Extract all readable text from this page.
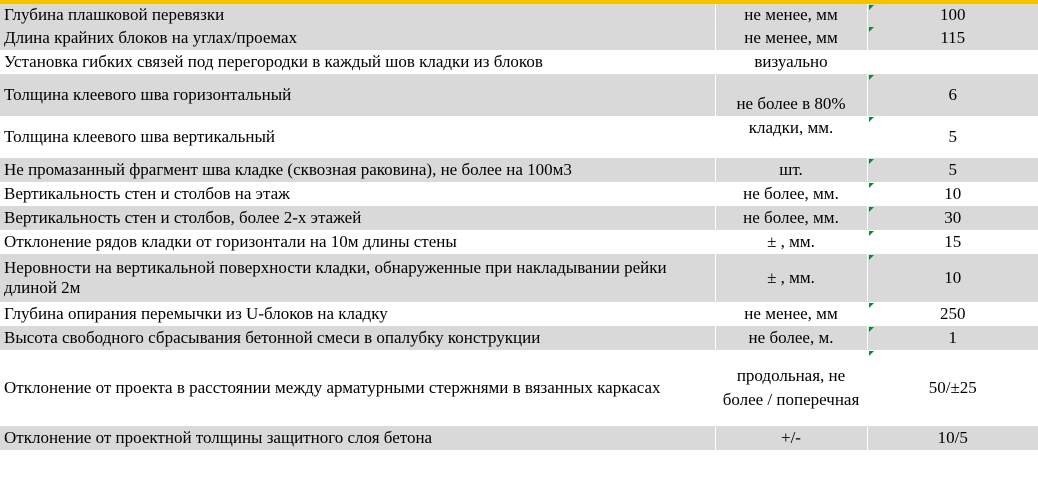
Глубина плашковой перевязки	не менее, мм	100
Длина крайних блоков на углах/проемах	не менее, мм	115
Установка гибких связей под перегородки в каждый шов кладки из блоков	визуально	
Толщина клеевого шва горизонтальный	не более в 80% кладки, мм.	6
Толщина клеевого шва вертикальный		5
Не промазанный фрагмент шва кладке (сквозная раковина), не более на 100м3	шт.	5
Вертикальность стен и столбов на этаж	не более, мм.	10
Вертикальность стен и столбов, более 2-х этажей	не более, мм.	30
Отклонение рядов кладки от горизонтали на 10м длины стены	± , мм.	15
Неровности на вертикальной поверхности кладки, обнаруженные при накладывании рейки длиной 2м	± , мм.	10
Глубина опирания перемычки из U-блоков на кладку	не менее, мм	250
Высота свободного сбрасывания бетонной смеси в опалубку конструкции	не более, м.	1
Отклонение от проекта в расстоянии между арматурными стержнями в вязанных каркасах	продольная, не более / поперечная	50/±25
Отклонение от проектной толщины защитного слоя бетона	+/-	10/5
